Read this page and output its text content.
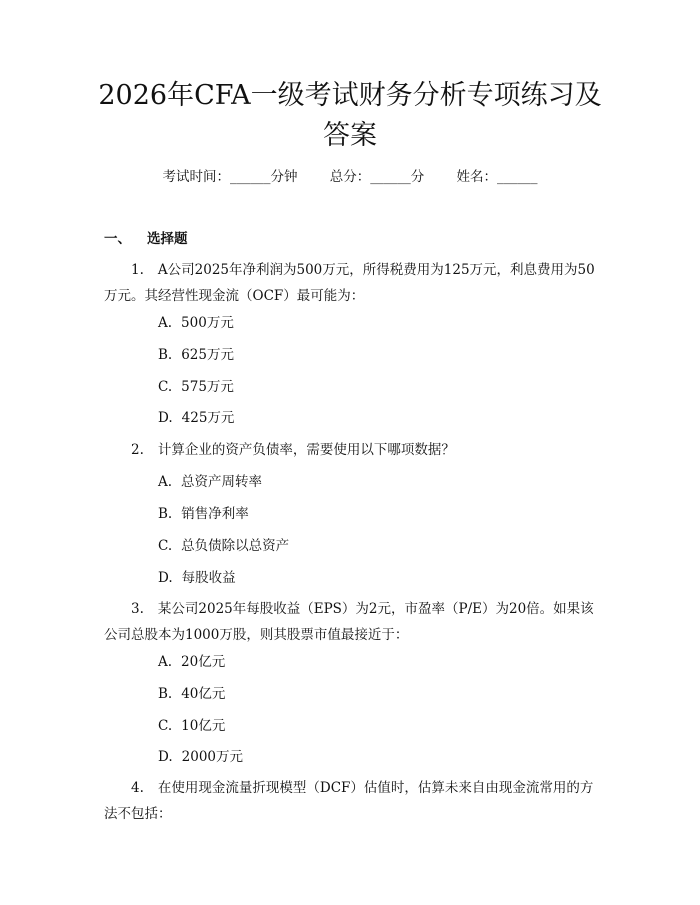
2026年CFA一级考试财务分析专项练习及答案
考试时间：______分钟 总分：______分 姓名：______
一、 选择题
1. A公司2025年净利润为500万元，所得税费用为125万元，利息费用为50万元。其经营性现金流（OCF）最可能为：
A. 500万元
B. 625万元
C. 575万元
D. 425万元
2. 计算企业的资产负债率，需要使用以下哪项数据？
A. 总资产周转率
B. 销售净利率
C. 总负债除以总资产
D. 每股收益
3. 某公司2025年每股收益（EPS）为2元，市盈率（P/E）为20倍。如果该公司总股本为1000万股，则其股票市值最接近于：
A. 20亿元
B. 40亿元
C. 10亿元
D. 2000万元
4. 在使用现金流量折现模型（DCF）估值时，估算未来自由现金流常用的方法不包括：
